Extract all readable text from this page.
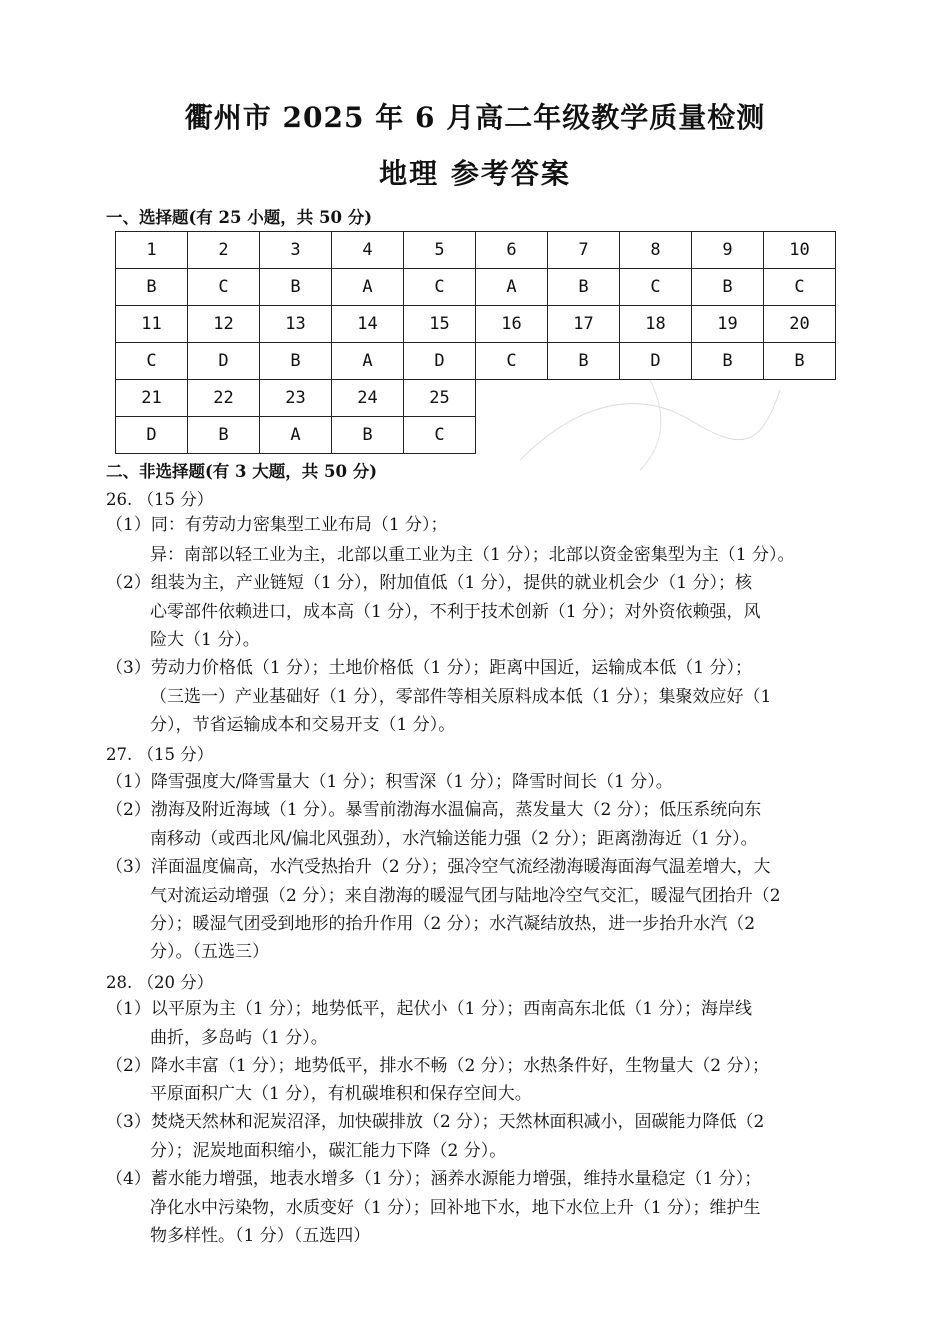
衢州市 2025 年 6 月高二年级教学质量检测
地理 参考答案

一、选择题(有 25 小题，共 50 分)

1	2	3	4	5	6	7	8	9	10
B	C	B	A	C	A	B	C	B	C
11	12	13	14	15	16	17	18	19	20
C	D	B	A	D	C	B	D	B	B
21	22	23	24	25					
D	B	A	B	C					

二、非选择题(有 3 大题，共 50 分)

26. （15 分）

（1）同：有劳动力密集型工业布局（1 分）；

异：南部以轻工业为主，北部以重工业为主（1 分）；北部以资金密集型为主（1 分）。

（2）组装为主，产业链短（1 分），附加值低（1 分），提供的就业机会少（1 分）；核

心零部件依赖进口，成本高（1 分），不利于技术创新（1 分）；对外资依赖强，风

险大（1 分）。

（3）劳动力价格低（1 分）；土地价格低（1 分）；距离中国近，运输成本低（1 分）；

（三选一）产业基础好（1 分），零部件等相关原料成本低（1 分）；集聚效应好（1

分），节省运输成本和交易开支（1 分）。

27. （15 分）

（1）降雪强度大/降雪量大（1 分）；积雪深（1 分）；降雪时间长（1 分）。

（2）渤海及附近海域（1 分）。暴雪前渤海水温偏高，蒸发量大（2 分）；低压系统向东

南移动（或西北风/偏北风强劲），水汽输送能力强（2 分）；距离渤海近（1 分）。

（3）洋面温度偏高，水汽受热抬升（2 分）；强冷空气流经渤海暖海面海气温差增大，大

气对流运动增强（2 分）；来自渤海的暖湿气团与陆地冷空气交汇，暖湿气团抬升（2

分）；暖湿气团受到地形的抬升作用（2 分）；水汽凝结放热，进一步抬升水汽（2

分）。（五选三）

28. （20 分）

（1）以平原为主（1 分）；地势低平，起伏小（1 分）；西南高东北低（1 分）；海岸线

曲折，多岛屿（1 分）。

（2）降水丰富（1 分）；地势低平，排水不畅（2 分）；水热条件好，生物量大（2 分）；

平原面积广大（1 分），有机碳堆积和保存空间大。

（3）焚烧天然林和泥炭沼泽，加快碳排放（2 分）；天然林面积减小，固碳能力降低（2

分）；泥炭地面积缩小，碳汇能力下降（2 分）。

（4）蓄水能力增强，地表水增多（1 分）；涵养水源能力增强，维持水量稳定（1 分）；

净化水中污染物，水质变好（1 分）；回补地下水，地下水位上升（1 分）；维护生

物多样性。（1 分）（五选四）
